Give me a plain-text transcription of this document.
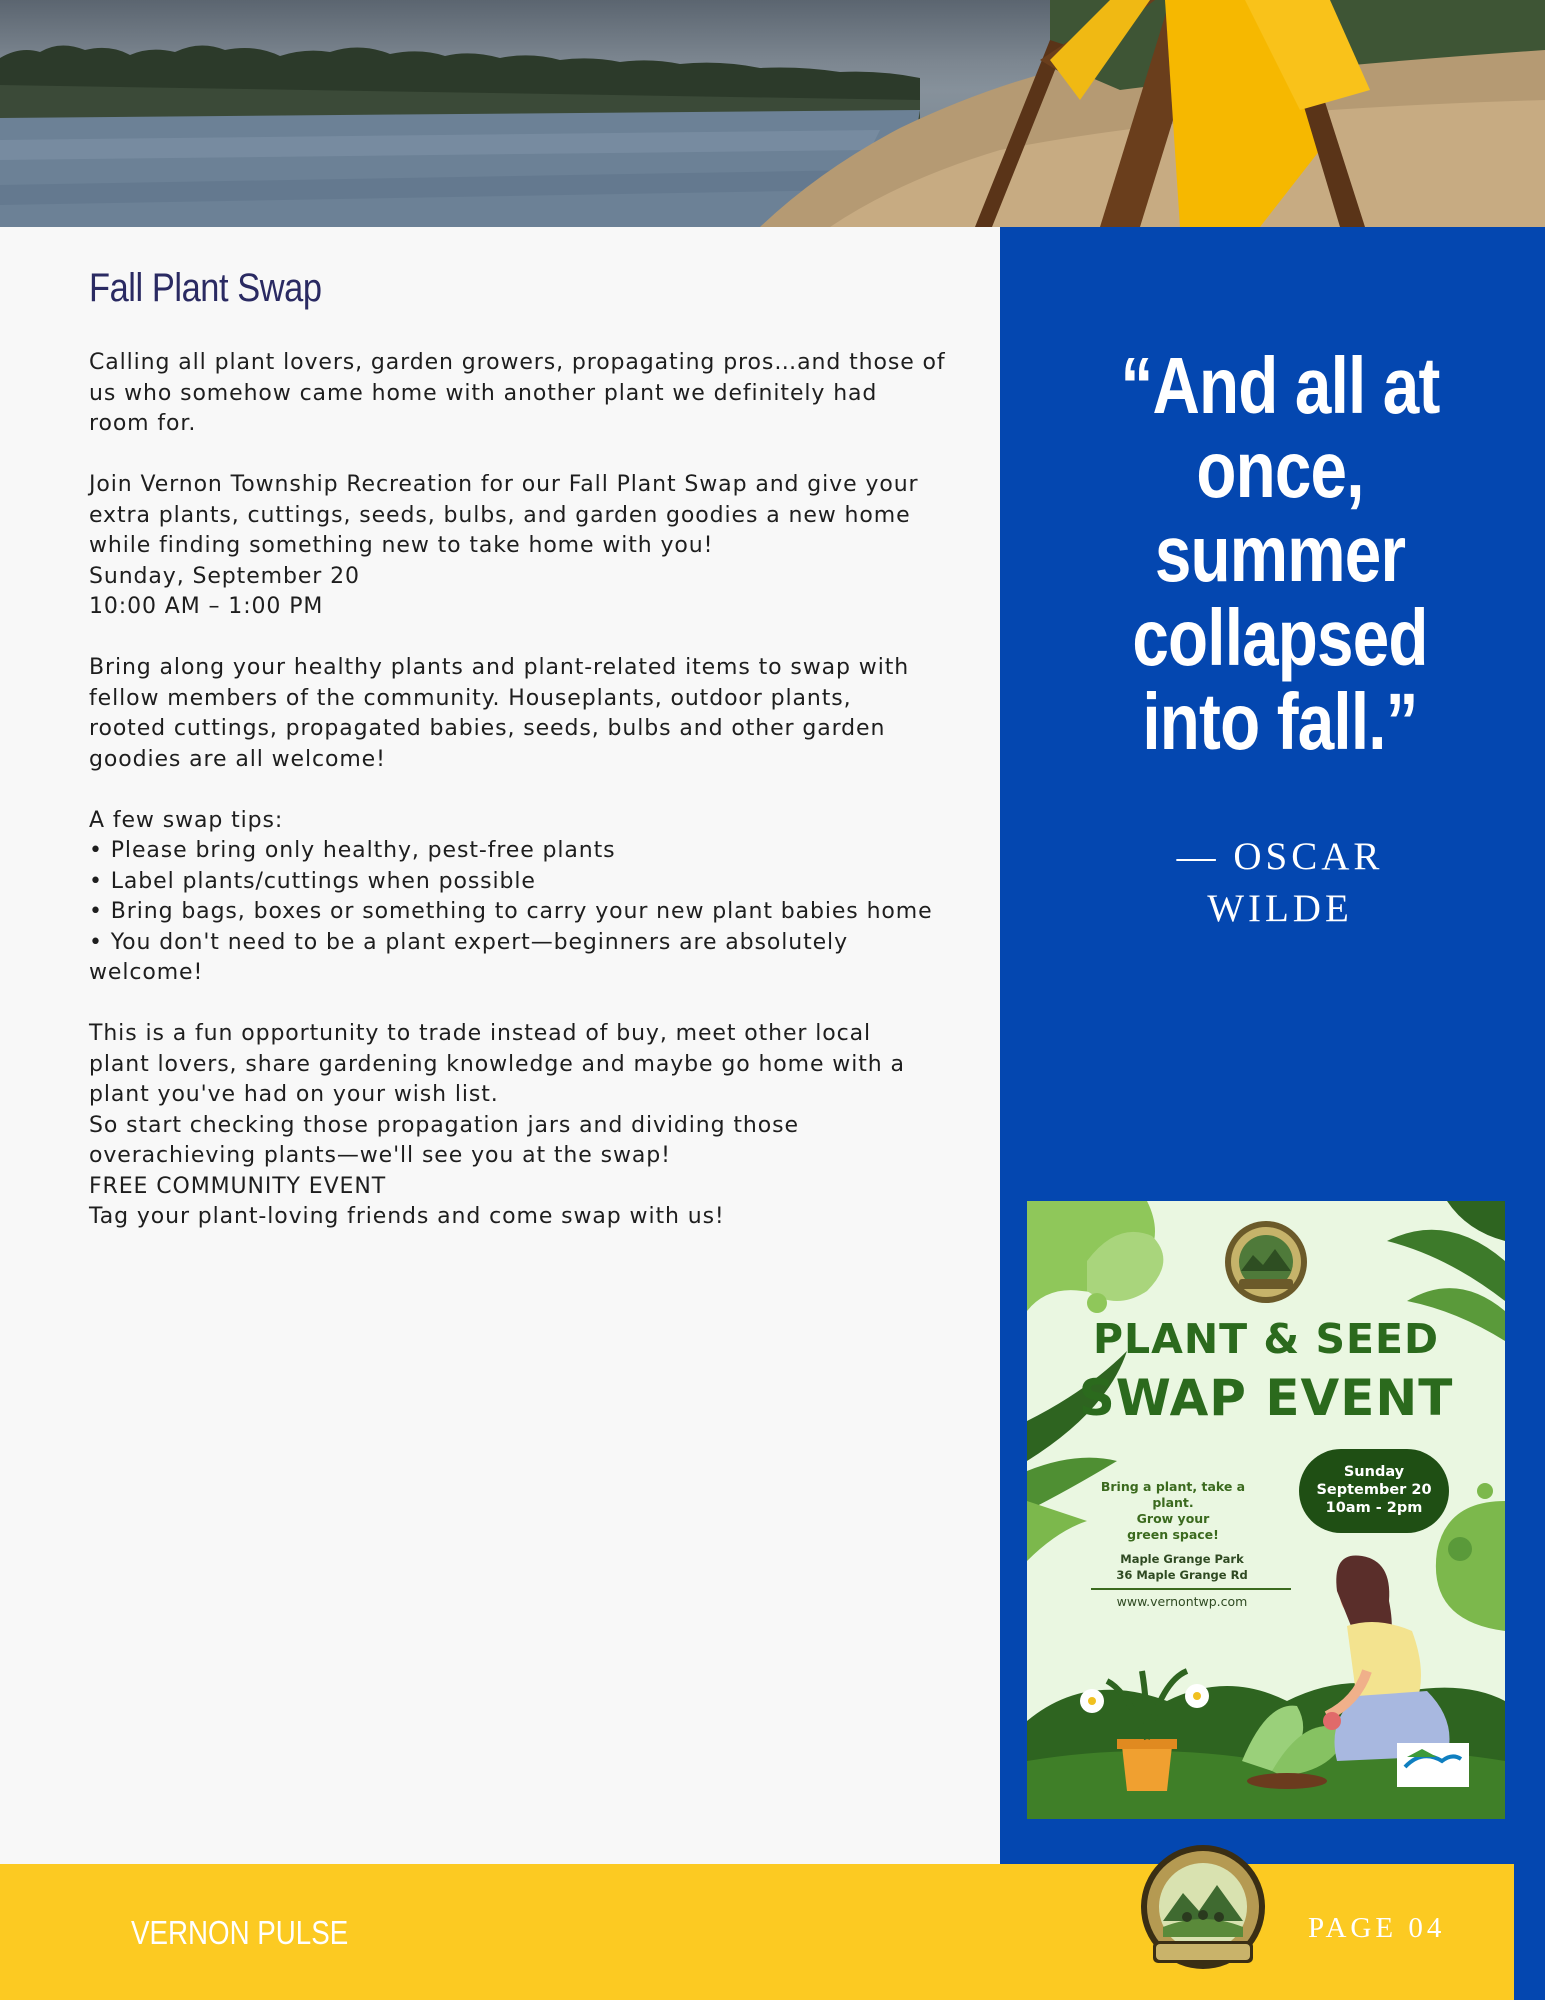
Fall Plant Swap

Calling all plant lovers, garden growers, propagating pros…and those of
us who somehow came home with another plant we definitely had
room for.

Join Vernon Township Recreation for our Fall Plant Swap and give your
extra plants, cuttings, seeds, bulbs, and garden goodies a new home
while finding something new to take home with you!
Sunday, September 20
10:00 AM – 1:00 PM

Bring along your healthy plants and plant-related items to swap with
fellow members of the community. Houseplants, outdoor plants,
rooted cuttings, propagated babies, seeds, bulbs and other garden
goodies are all welcome!

A few swap tips:
• Please bring only healthy, pest-free plants
• Label plants/cuttings when possible
• Bring bags, boxes or something to carry your new plant babies home
• You don't need to be a plant expert—beginners are absolutely
welcome!

This is a fun opportunity to trade instead of buy, meet other local
plant lovers, share gardening knowledge and maybe go home with a
plant you've had on your wish list.
So start checking those propagation jars and dividing those
overachieving plants—we'll see you at the swap!
FREE COMMUNITY EVENT
Tag your plant-loving friends and come swap with us!

“And all at
once,
summer
collapsed
into fall.”

— OSCAR
WILDE
PLANT & SEED
SWAP EVENT
Bring a plant, take a plant.
Grow your
green space!
Sunday
September 20
10am - 2pm
Maple Grange Park
36 Maple Grange Rd
www.vernontwp.com
VERNON PULSE	PAGE 04
